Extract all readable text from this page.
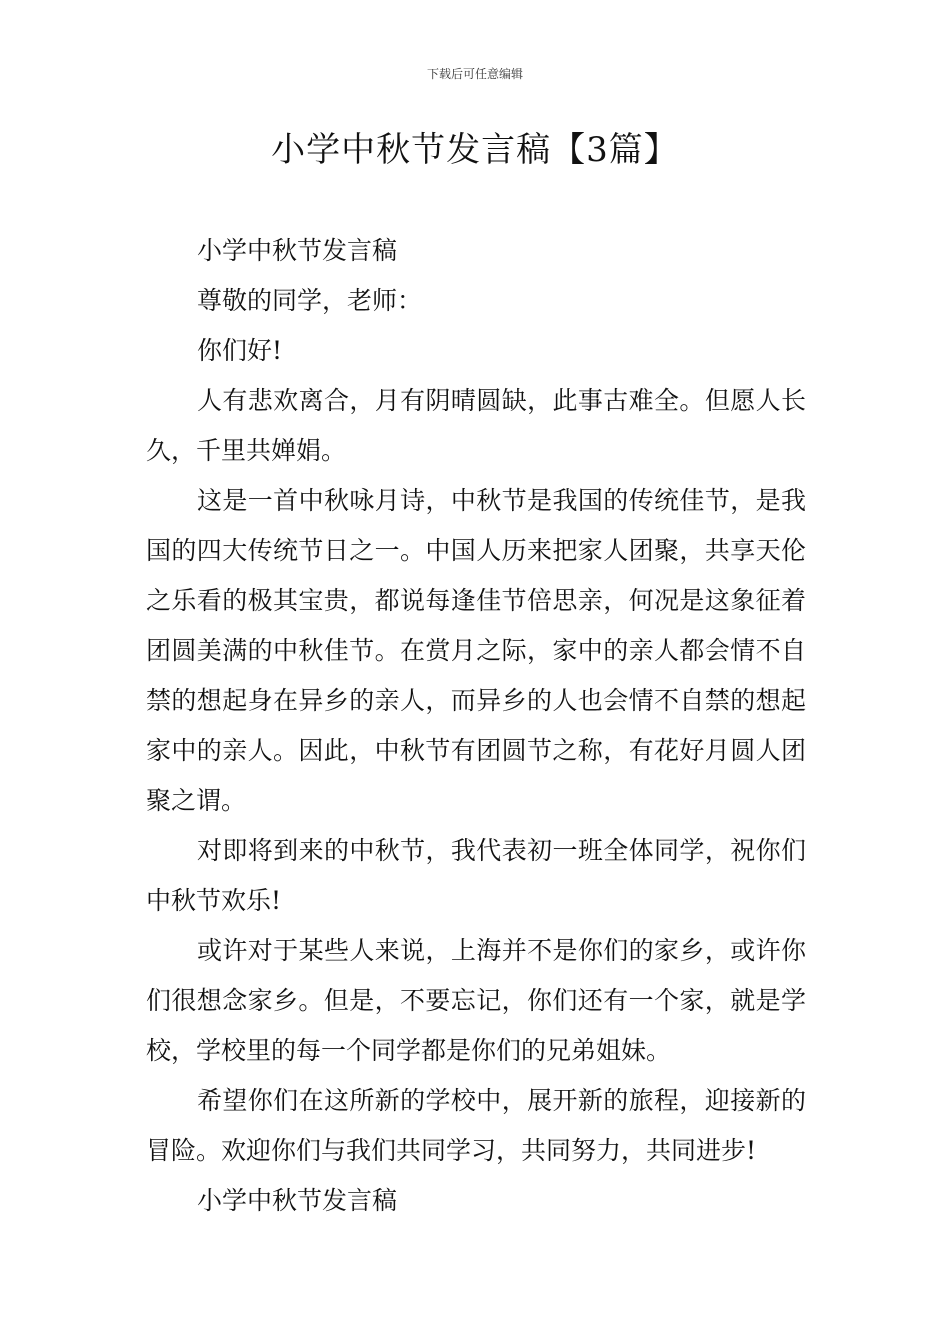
下载后可任意编辑
小学中秋节发言稿【3篇】

小学中秋节发言稿

尊敬的同学，老师：

你们好!

人有悲欢离合，月有阴晴圆缺，此事古难全。但愿人长久，千里共婵娟。

这是一首中秋咏月诗，中秋节是我国的传统佳节，是我国的四大传统节日之一。中国人历来把家人团聚，共享天伦之乐看的极其宝贵，都说每逢佳节倍思亲，何况是这象征着团圆美满的中秋佳节。在赏月之际，家中的亲人都会情不自禁的想起身在异乡的亲人，而异乡的人也会情不自禁的想起家中的亲人。因此，中秋节有团圆节之称，有花好月圆人团聚之谓。

对即将到来的中秋节，我代表初一班全体同学，祝你们中秋节欢乐!

或许对于某些人来说，上海并不是你们的家乡，或许你们很想念家乡。但是，不要忘记，你们还有一个家，就是学校，学校里的每一个同学都是你们的兄弟姐妹。

希望你们在这所新的学校中，展开新的旅程，迎接新的冒险。欢迎你们与我们共同学习，共同努力，共同进步!

小学中秋节发言稿
